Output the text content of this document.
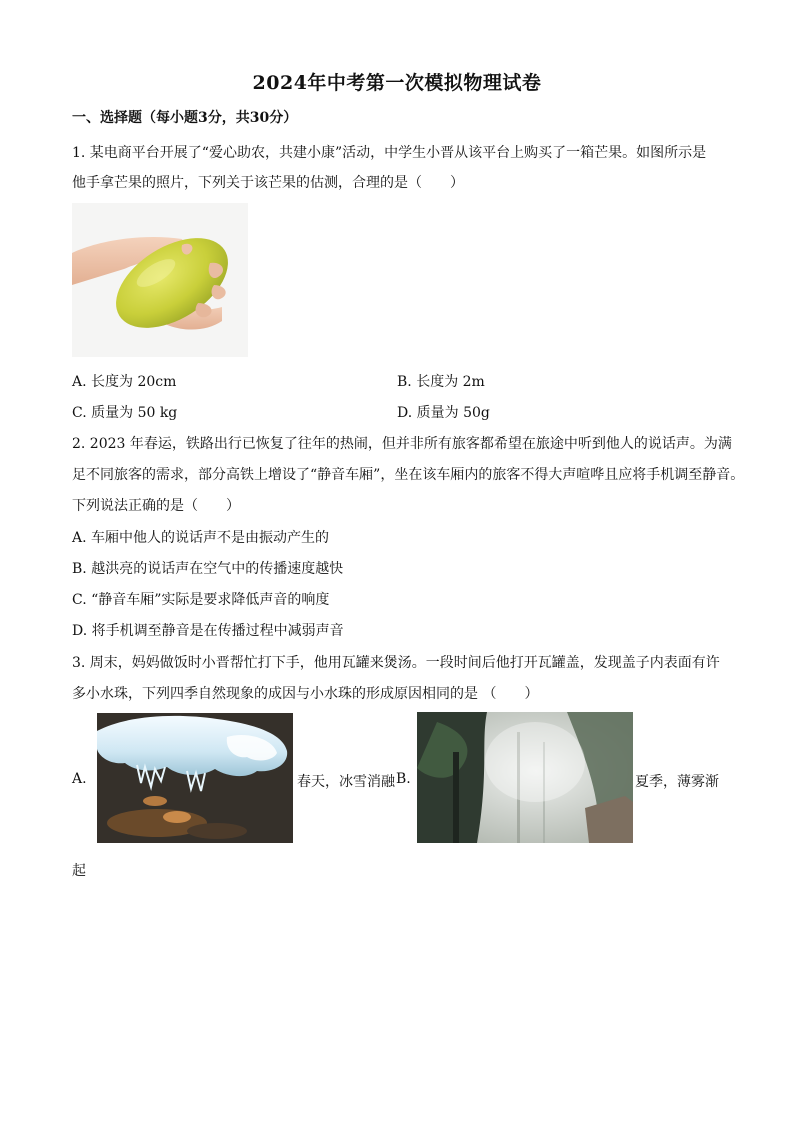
2024年中考第一次模拟物理试卷
一、选择题（每小题3分，共30分）
1. 某电商平台开展了“爱心助农，共建小康”活动，中学生小晋从该平台上购买了一箱芒果。如图所示是
他手拿芒果的照片，下列关于该芒果的估测，合理的是（　　）
A. 长度为 20cm	B. 长度为 2m
C. 质量为 50 kg	D. 质量为 50g
2. 2023 年春运，铁路出行已恢复了往年的热闹，但并非所有旅客都希望在旅途中听到他人的说话声。为满
足不同旅客的需求，部分高铁上增设了“静音车厢”，坐在该车厢内的旅客不得大声喧哗且应将手机调至静音。
下列说法正确的是（　　）
A. 车厢中他人的说话声不是由振动产生的
B. 越洪亮的说话声在空气中的传播速度越快
C. “静音车厢”实际是要求降低声音的响度
D. 将手机调至静音是在传播过程中减弱声音
3. 周末，妈妈做饭时小晋帮忙打下手，他用瓦罐来煲汤。一段时间后他打开瓦罐盖，发现盖子内表面有许
多小水珠，下列四季自然现象的成因与小水珠的形成原因相同的是 （　　）
A.	春天，冰雪消融 B.	夏季，薄雾渐
起
